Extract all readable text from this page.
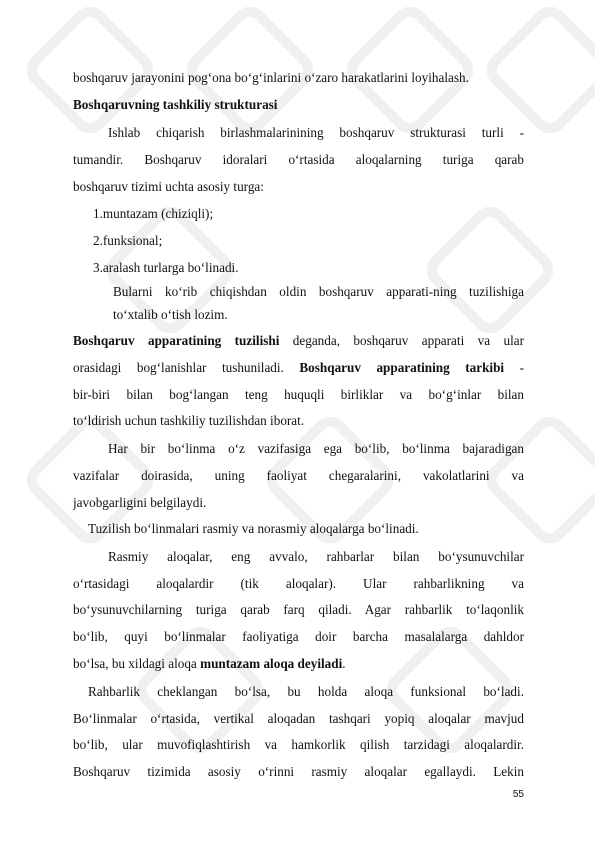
boshqaruv jarayonini pog‘ona bo‘g‘inlarini o‘zaro harakatlarini loyihalash.
Boshqaruvning tashkiliy strukturasi
Ishlab chiqarish birlashmalarinining boshqaruv strukturasi turli -
tumandir. Boshqaruv idoralari o‘rtasida aloqalarning turiga qarab
boshqaruv tizimi uchta asosiy turga:
1.muntazam (chiziqli);
2.funksional;
3.aralash turlarga bo‘linadi.
Bularni ko‘rib chiqishdan oldin boshqaruv apparati-ning tuzilishiga
to‘xtalib o‘tish lozim.
Boshqaruv apparatining tuzilishi deganda, boshqaruv apparati va ular
orasidagi bog‘lanishlar tushuniladi. Boshqaruv apparatining tarkibi -
bir-biri bilan bog‘langan teng huquqli birliklar va bo‘g‘inlar bilan
to‘ldirish uchun tashkiliy tuzilishdan iborat.
Har bir bo‘linma o‘z vazifasiga ega bo‘lib, bo‘linma bajaradigan
vazifalar doirasida, uning faoliyat chegaralarini, vakolatlarini va
javobgarligini belgilaydi.
Tuzilish bo‘linmalari rasmiy va norasmiy aloqalarga bo‘linadi.
Rasmiy aloqalar, eng avvalo, rahbarlar bilan bo‘ysunuvchilar
o‘rtasidagi aloqalardir (tik aloqalar). Ular rahbarlikning va
bo‘ysunuvchilarning turiga qarab farq qiladi. Agar rahbarlik to‘laqonlik
bo‘lib, quyi bo‘linmalar faoliyatiga doir barcha masalalarga dahldor
bo‘lsa, bu xildagi aloqa muntazam aloqa deyiladi.
Rahbarlik cheklangan bo‘lsa, bu holda aloqa funksional bo‘ladi.
Bo‘linmalar o‘rtasida, vertikal aloqadan tashqari yopiq aloqalar mavjud
bo‘lib, ular muvofiqlashtirish va hamkorlik qilish tarzidagi aloqalardir.
Boshqaruv tizimida asosiy o‘rinni rasmiy aloqalar egallaydi. Lekin
55
